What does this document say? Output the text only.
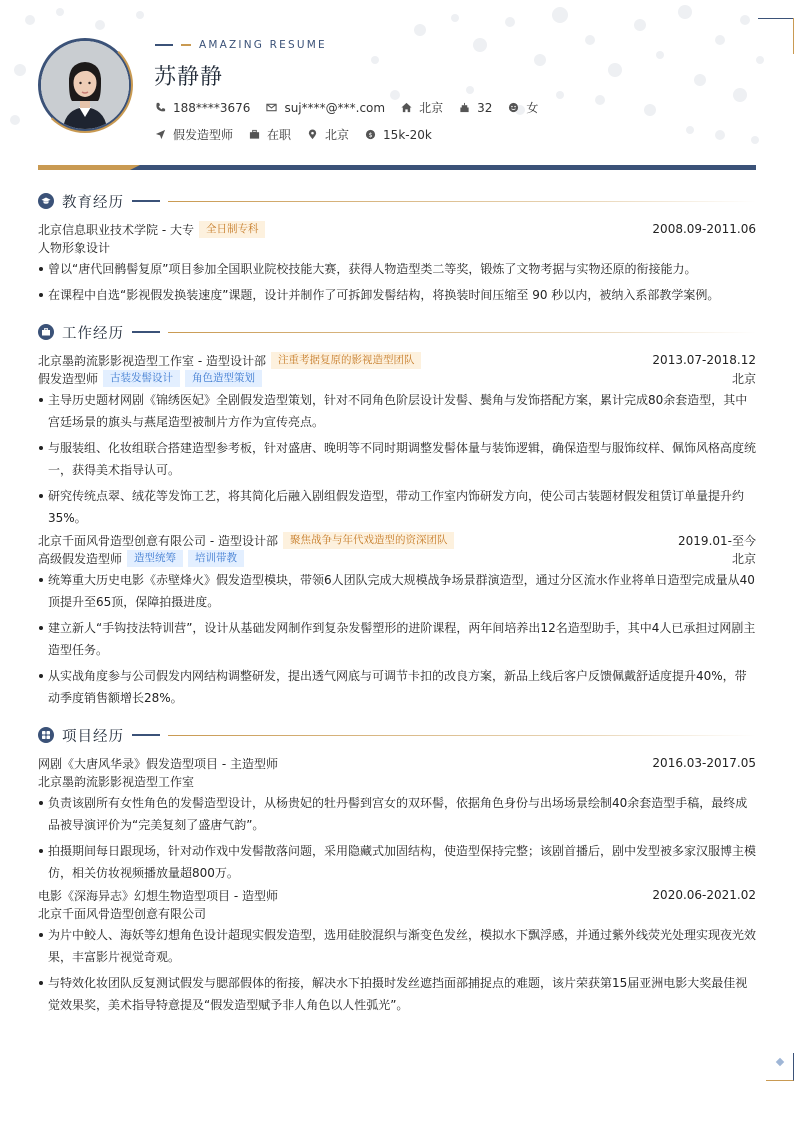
AMAZING RESUME
苏静静
188****3676	suj****@***.com	北京	32	女
假发造型师	在职	北京	$ 15k-20k
教育经历
北京信息职业技术学院 - 大专	全日制专科	2008.09-2011.06
人物形象设计
曾以“唐代回鹘髻复原”项目参加全国职业院校技能大赛，获得人物造型类二等奖，锻炼了文物考据与实物还原的衔接能力。
在课程中自选“影视假发换装速度”课题，设计并制作了可拆卸发髻结构，将换装时间压缩至 90 秒以内，被纳入系部教学案例。
工作经历
北京墨韵流影影视造型工作室 - 造型设计部	注重考据复原的影视造型团队	2013.07-2018.12
假发造型师	古装发髻设计	角色造型策划	北京
主导历史题材网剧《锦绣医妃》全剧假发造型策划，针对不同角色阶层设计发髻、鬓角与发饰搭配方案，累计完成80余套造型，其中宫廷场景的旗头与燕尾造型被制片方作为宣传亮点。
与服装组、化妆组联合搭建造型参考板，针对盛唐、晚明等不同时期调整发髻体量与装饰逻辑，确保造型与服饰纹样、佩饰风格高度统一，获得美术指导认可。
研究传统点翠、绒花等发饰工艺，将其简化后融入剧组假发造型，带动工作室内饰研发方向，使公司古装题材假发租赁订单量提升约35%。
北京千面风骨造型创意有限公司 - 造型设计部	聚焦战争与年代戏造型的资深团队	2019.01-至今
高级假发造型师	造型统筹	培训带教	北京
统筹重大历史电影《赤壁烽火》假发造型模块，带领6人团队完成大规模战争场景群演造型，通过分区流水作业将单日造型完成量从40顶提升至65顶，保障拍摄进度。
建立新人“手钩技法特训营”，设计从基础发网制作到复杂发髻塑形的进阶课程，两年间培养出12名造型助手，其中4人已承担过网剧主造型任务。
从实战角度参与公司假发内网结构调整研发，提出透气网底与可调节卡扣的改良方案，新品上线后客户反馈佩戴舒适度提升40%，带动季度销售额增长28%。
项目经历
网剧《大唐风华录》假发造型项目 - 主造型师	2016.03-2017.05
北京墨韵流影影视造型工作室
负责该剧所有女性角色的发髻造型设计，从杨贵妃的牡丹髻到宫女的双环髻，依据角色身份与出场场景绘制40余套造型手稿，最终成品被导演评价为“完美复刻了盛唐气韵”。
拍摄期间每日跟现场，针对动作戏中发髻散落问题，采用隐藏式加固结构，使造型保持完整；该剧首播后，剧中发型被多家汉服博主模仿，相关仿妆视频播放量超800万。
电影《深海异志》幻想生物造型项目 - 造型师	2020.06-2021.02
北京千面风骨造型创意有限公司
为片中鲛人、海妖等幻想角色设计超现实假发造型，选用硅胶混织与渐变色发丝，模拟水下飘浮感，并通过紫外线荧光处理实现夜光效果，丰富影片视觉奇观。
与特效化妆团队反复测试假发与腮部假体的衔接，解决水下拍摄时发丝遮挡面部捕捉点的难题，该片荣获第15届亚洲电影大奖最佳视觉效果奖，美术指导特意提及“假发造型赋予非人角色以人性弧光”。
